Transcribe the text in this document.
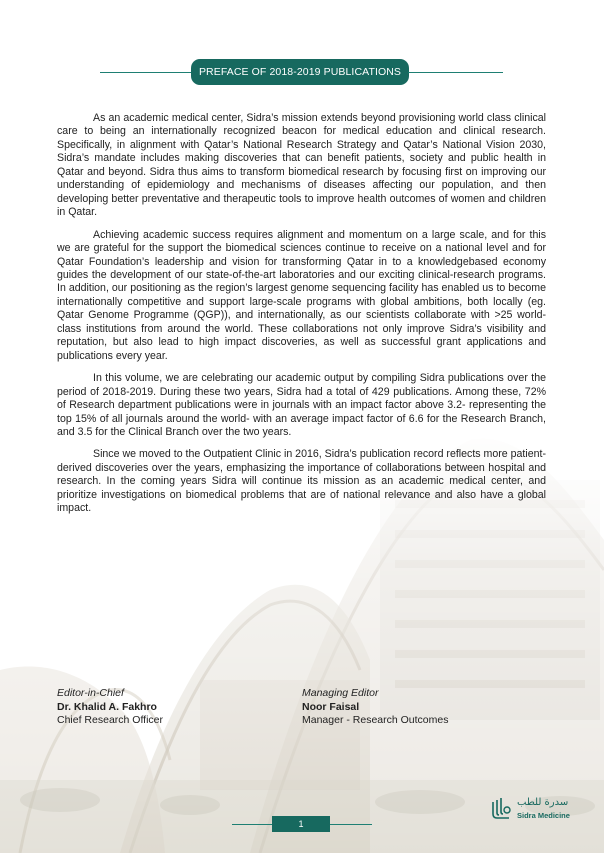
PREFACE OF 2018-2019 PUBLICATIONS

As an academic medical center, Sidra’s mission extends beyond provisioning world class clinical care to being an internationally recognized beacon for medical education and clinical research. Specifically, in alignment with Qatar’s National Research Strategy and Qatar’s National Vision 2030, Sidra’s mandate includes making discoveries that can benefit patients, society and public health in Qatar and beyond. Sidra thus aims to transform biomedical research by focusing first on improving our understanding of epidemiology and mechanisms of diseases affecting our population, and then developing better preventative and therapeutic tools to improve health outcomes of women and children in Qatar.

Achieving academic success requires alignment and momentum on a large scale, and for this we are grateful for the support the biomedical sciences continue to receive on a national level and for Qatar Foundation’s leadership and vision for transforming Qatar in to a knowledgebased economy guides the development of our state-of-the-art laboratories and our exciting clinical-research programs. In addition, our positioning as the region’s largest genome sequencing facility has enabled us to become internationally competitive and support large-scale programs with global ambitions, both locally (eg. Qatar Genome Programme (QGP)), and internationally, as our scientists collaborate with >25 world-class institutions from around the world. These collaborations not only improve Sidra’s visibility and reputation, but also lead to high impact discoveries, as well as successful grant applications and publications every year.

In this volume, we are celebrating our academic output by compiling Sidra publications over the period of 2018-2019. During these two years, Sidra had a total of 429 publications. Among these, 72% of Research department publications were in journals with an impact factor above 3.2- representing the top 15% of all journals around the world- with an average impact factor of 6.6 for the Research Branch, and 3.5 for the Clinical Branch over the two years.

Since we moved to the Outpatient Clinic in 2016, Sidra’s publication record reflects more patient-derived discoveries over the years, emphasizing the importance of collaborations between hospital and research. In the coming years Sidra will continue its mission as an academic medical center, and prioritize investigations on biomedical problems that are of national relevance and also have a global impact.

Editor-in-Chief
Dr. Khalid A. Fakhro
Chief Research Officer
Managing Editor
Noor Faisal
Manager - Research Outcomes
سدرة للطب
Sidra Medicine
1
